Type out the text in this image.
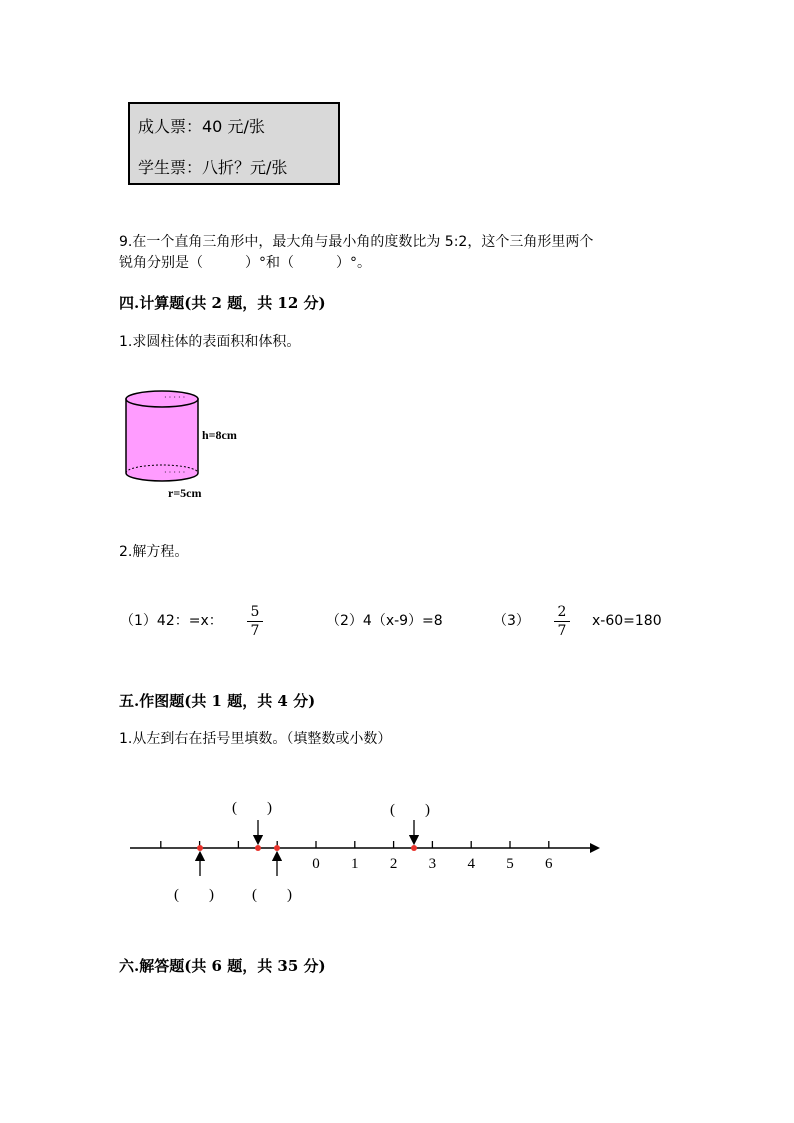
成人票：40 元/张
学生票：八折？元/张
9.在一个直角三角形中，最大角与最小角的度数比为 5:2，这个三角形里两个
锐角分别是（　　　）°和（　　　）°。
四.计算题(共 2 题，共 12 分)
1.求圆柱体的表面积和体积。
· · · · ·
· · · · ·
h=8cm
r=5cm
2.解方程。
（1）42：=x：
5
7
（2）4（x-9）=8	（3）
2
7
x-60=180
五.作图题(共 1 题，共 4 分)
1.从左到右在括号里填数。（填整数或小数）
0 1 2 3 4 5 6
(　　)	(　　)
(　　)	(　　)
六.解答题(共 6 题，共 35 分)
